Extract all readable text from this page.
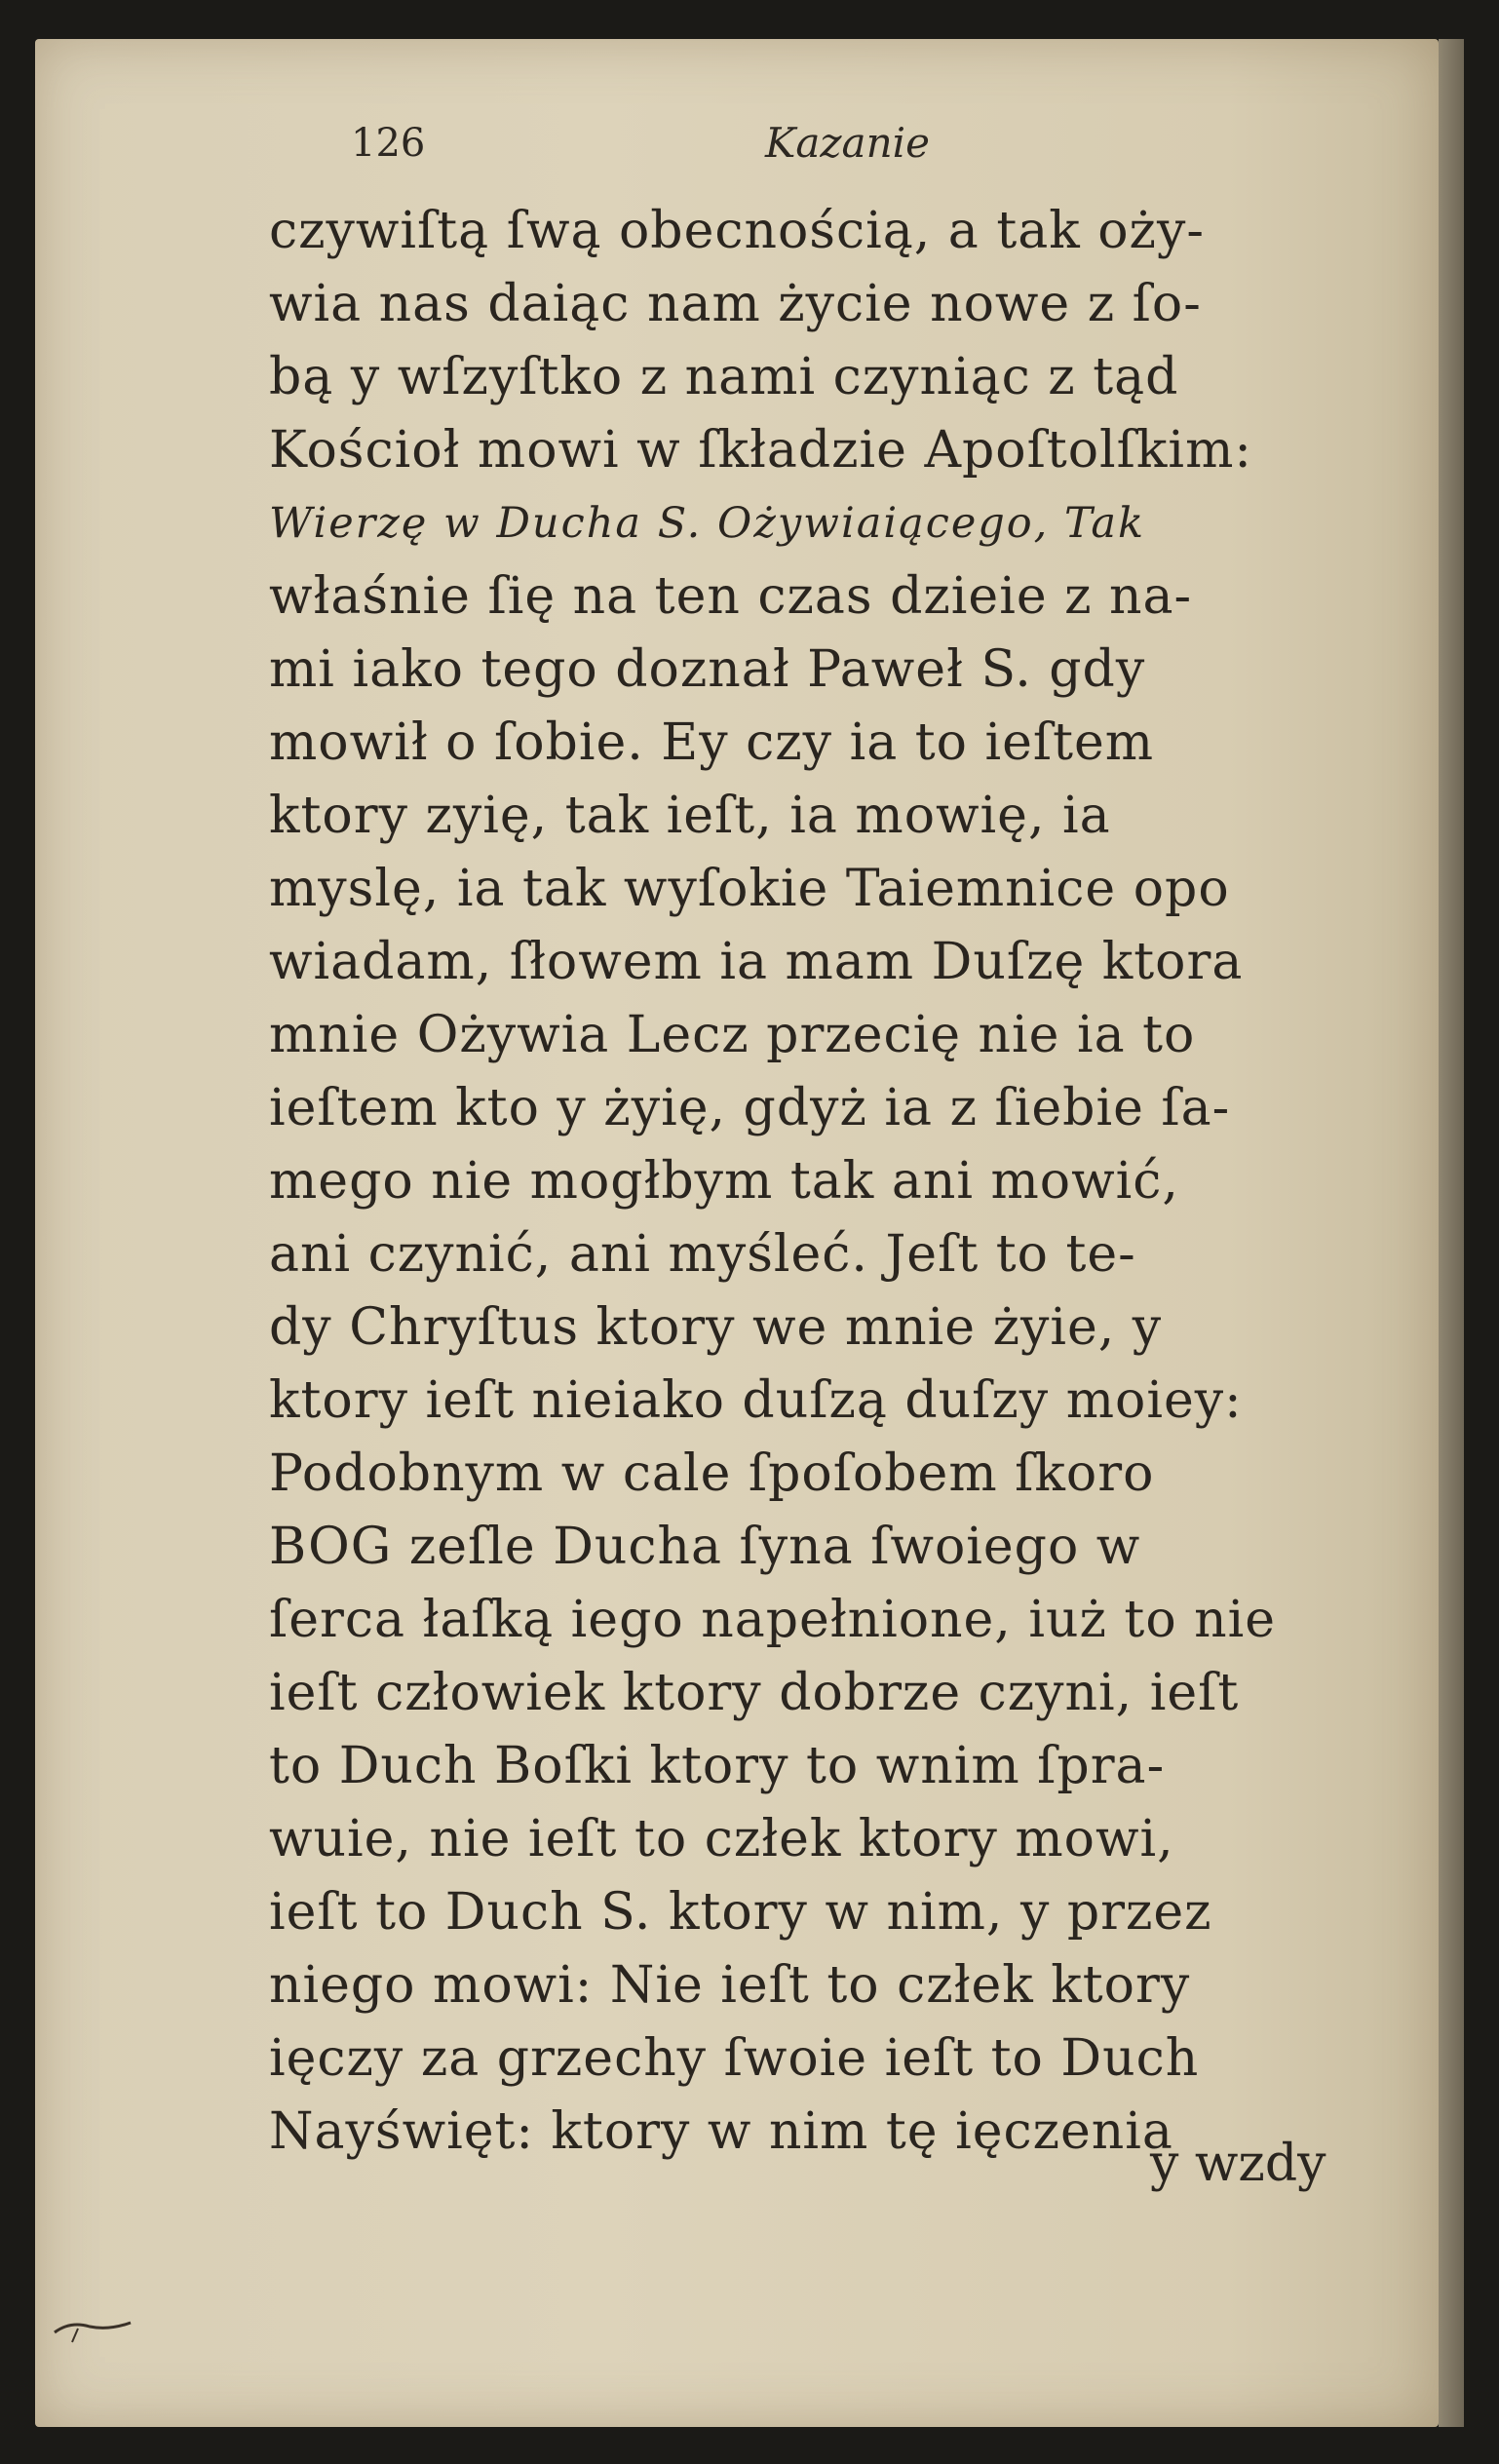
126	Kazanie
czywiſtą ſwą obecnością, a tak oży-
wia nas daiąc nam życie nowe z ſo-
bą y wſzyſtko z nami czyniąc z tąd
Kościoł mowi w ſkładzie Apoſtolſkim:
Wierzę w Ducha S. Ożywiaiącego, Tak
właśnie ſię na ten czas dzieie z na-
mi iako tego doznał Paweł S. gdy
mowił o ſobie. Ey czy ia to ieſtem
ktory zyię, tak ieſt, ia mowię, ia
myslę, ia tak wyſokie Taiemnice opo
wiadam, ſłowem ia mam Duſzę ktora
mnie Ożywia Lecz przecię nie ia to
ieſtem kto y żyię, gdyż ia z ſiebie ſa-
mego nie mogłbym tak ani mowić,
ani czynić, ani myśleć. Jeſt to te-
dy Chryſtus ktory we mnie żyie, y
ktory ieſt nieiako duſzą duſzy moiey:
Podobnym w cale ſpoſobem ſkoro
BOG zeſle Ducha ſyna ſwoiego w
ſerca łaſką iego napełnione, iuż to nie
ieſt człowiek ktory dobrze czyni, ieſt
to Duch Boſki ktory to wnim ſpra-
wuie, nie ieſt to człek ktory mowi,
ieſt to Duch S. ktory w nim, y przez
niego mowi: Nie ieſt to człek ktory
ięczy za grzechy ſwoie ieſt to Duch
Nayświęt: ktory w nim tę ięczenia
y wzdy
